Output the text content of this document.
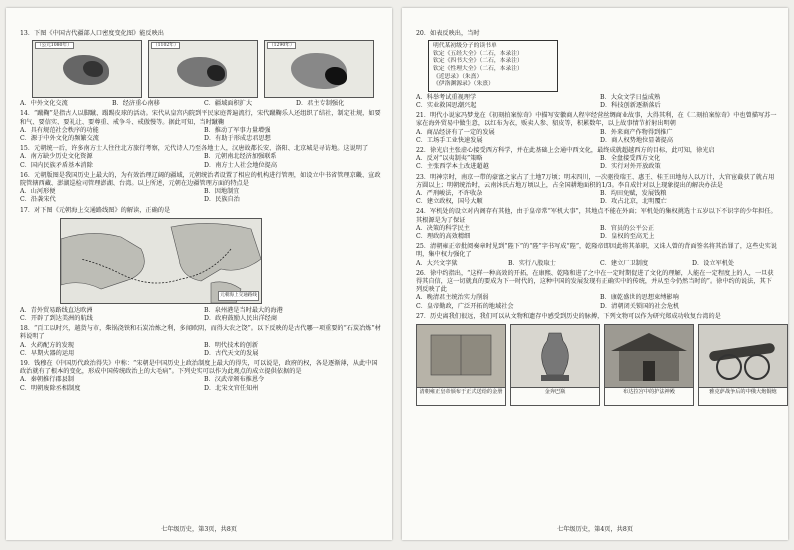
13．下图《中国古代疆部人口密度变化图》能反映出
（公元1080年）	（1102年）	（1290年）
A．中外文化交流	B．经济重心南移	C．疆域面积扩大	D．君主专制强化
14．“蹴鞠”是指古人以脚蹴、蹋踢皮球的活动。宋代从皇宫内院到平民家庭普遍流行，宋代蹴鞠乐人还组织了结社，制定社规，如要和气、要信实、要礼让、要尊重、戒争斗、戒傲慢等。据此可知，当时蹴鞠
A．具有规范社会秩序的功能	B．推动了军事力量增强
C．源于中外文化的频繁交流	D．有助于形成忠君思想
15．元朝统一后，许多南方士人往往北方旅行考察，元代诗人乃至各地士人，汉唐故都长安、洛阳、北京城是寻访地。这说明了
A．南方缺少历史文化资源	B．元朝南北经济加强联系
C．国内民族矛盾基本消除	D．南方士人社会地位提高
16．元朝版图是我国历史上最大的，为有效治理辽阔的疆域，元朝统治者设置了相应的机构进行管理，如设立中书省管理京畿、宣政院管辖西藏、澎湖巡检司管理澎湖、台湾。以上所述，元朝在边疆管理方面的特点是
A．山河形便	B．因地制宜
C．沿袭宋代	D．民族自治
17．对下图《元朝海上交通路线图》的解读，正确的是
元朝海上交通路线
A．青外贸易路线直达欧洲	B．泉州港是当时最大的海港
C．开辟了到达美洲的航线	D．政府鼓励人民出洋经商
18．“百工以时兴，越货与市，柴锅浇铁和石炭冶炼之利，多闻欧阴，而得大农之饶”。以下反映的是古代哪一项重要的“石炭冶炼”材料说明了
A．火药配方的发现	B．明代技术的创新
C．早期火器的运用	D．古代天文的发展
19．钱穆在《中国历代政治得失》中称：“宋朝是中国历史上政治制度上最大的得失，可以说是，政府的权，各是逐渐薄，从此中国政治就有了根本的变化，形成中国传统政治上的大毛病”。下列史实可以作为此观点的成立提供依据的是
A．秦朝推行郡县制	B．汉武帝颁布推恩令
C．明朝废除丞相制度	D．北宋文官任知州
七年级历史，第3页，共8页
20．如表反映出，当时
明代某初级分子的读书单
钦定《五经大全》（二石，本录注）
钦定《四书大全》（二石，本录注）
钦定《性理大全》（二石，本录注）
《近思录》（朱熹）
《伊洛渊源录》（朱熹）
A．科举考试重视理学	B．大众文学日益成熟
C．实业救国思潮兴起	D．科技创新逐渐落后
21．明代小说家冯梦龙在《初刻拍案惊奇》中描写安徽商人程宰经营丝绸商业故事，大得其利，在《二刻拍案惊奇》中也曾描写苏一家在海外贸易中做生意，以红布为衣，贩卖人参、貂皮等，积累数年，以上故事情节折射出明朝
A．商品经济有了一定的发展	B．外来商产作物得到推广
C．工场手工业快速发展	D．商人权势地位显著提高
22．徐光启主张虚心接受西方科学，并在此基础上会通中西文化，最终成就超越西方的目标，此可知，徐光启
A．反对“以夷制夷”策略	B．全盘接受西方文化
C．主张西学本土改进超越	D．实行对外开放政策
23．明神宗时，南京一带的豪富之家占了土地7万顷；明末四川，一次驱役瑞王、惠王、桂王田地每人以万计，大官宦截获了就占用方圆以上；明朝统治时，云南沐氏占地万顷以上，占全国耕地面积的1/3。李自成针对以上现象提出的解决办法是
A．严刑峻法，不许收杂	B．均田免赋，发展钱粮
C．建立政权，国号大顺	D．攻占北京，北明覆亡
24．军机处的设立对内阁存有其他，由于皇帝常“军机大事”，其地点不能在外面；军机处的集权挑选十五岁以下不识字的少年担任。其根源是为了保证
A．决策的科学民主	B．官员的公平公正
C．理政的高效精细	D．皇权的至高无上
25．清朝雍正帝批阅奏章时见到“陛下”的“陛”字书写成“陛”，乾隆帝即因此将其革职，又诛人曾的背面签名将其治罪了，这些史实说明，集中权力强化了
A．大兴文字狱	B．实行八股取士	C．建立厂卫制度	D．设立军机处
26．徐中约指出，“这样一种高效的开拓，在康熙、乾隆和进了之中在一定时期促进了文化的理解，人能在一定程度上的人，一旦获得其自信，这一切就真的要成为下一时代的，这种中国的发展发现有正确实中的传统，并从至今仍然当时的”。徐中约的说法，其下列反映了此
A．晚清君主统治实力削弱	B．康乾盛世的思想束缚影响
C．皇帝勤政，广泛开拓的地域社会	D．清朝闭关锁国的社会危机
27．历史离我们很远，我们可以从文物和遗存中感受到历史的脉搏，下列文物可以作为研究郑成功收复台湾的是
清朝雍正皇帝颁布于正式送给的金册	金奔巴瓶	布达拉宫中的护法神殿	雅克萨战争后的中俄大炮铜炮
七年级历史，第4页，共8页
